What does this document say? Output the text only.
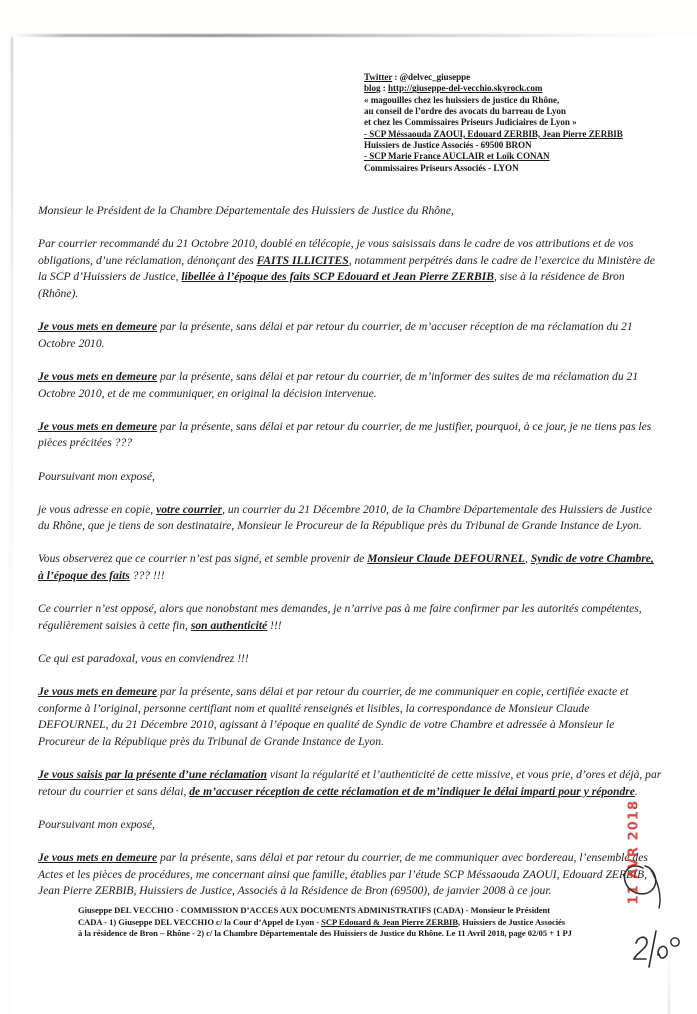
Twitter : @delvec_giuseppe
blog : http://giuseppe-del-vecchio.skyrock.com
« magouilles chez les huissiers de justice du Rhône,
au conseil de l’ordre des avocats du barreau de Lyon
et chez les Commissaires Priseurs Judiciaires de Lyon »
- SCP Méssaouda ZAOUI, Edouard ZERBIB, Jean Pierre ZERBIB
Huissiers de Justice Associés - 69500 BRON
- SCP Marie France AUCLAIR et Loïk CONAN
Commissaires Priseurs Associés - LYON

Monsieur le Président de la Chambre Départementale des Huissiers de Justice du Rhône,

Par courrier recommandé du 21 Octobre 2010, doublé en télécopie, je vous saisissais dans le cadre de vos attributions et de vos obligations, d’une réclamation, dénonçant des FAITS ILLICITES, notamment perpétrés dans le cadre de l’exercice du Ministère de la SCP d’Huissiers de Justice, libellée à l’époque des faits SCP Edouard et Jean Pierre ZERBIB, sise à la résidence de Bron (Rhône).

Je vous mets en demeure par la présente, sans délai et par retour du courrier, de m’accuser réception de ma réclamation du 21 Octobre 2010.

Je vous mets en demeure par la présente, sans délai et par retour du courrier, de m’informer des suites de ma réclamation du 21 Octobre 2010, et de me communiquer, en original la décision intervenue.

Je vous mets en demeure par la présente, sans délai et par retour du courrier, de me justifier, pourquoi, à ce jour, je ne tiens pas les pièces précitées ???

Poursuivant mon exposé,

je vous adresse en copie, votre courrier, un courrier du 21 Décembre 2010, de la Chambre Départementale des Huissiers de Justice du Rhône, que je tiens de son destinataire, Monsieur le Procureur de la République près du Tribunal de Grande Instance de Lyon.

Vous observerez que ce courrier n’est pas signé, et semble provenir de Monsieur Claude DEFOURNEL, Syndic de votre Chambre, à l’époque des faits ??? !!!

Ce courrier n’est opposé, alors que nonobstant mes demandes, je n’arrive pas à me faire confirmer par les autorités compétentes, régulièrement saisies à cette fin, son authenticité !!!

Ce qui est paradoxal, vous en conviendrez !!!

Je vous mets en demeure par la présente, sans délai et par retour du courrier, de me communiquer en copie, certifiée exacte et conforme à l’original, personne certifiant nom et qualité renseignés et lisibles, la correspondance de Monsieur Claude DEFOURNEL, du 21 Décembre 2010, agissant à l’époque en qualité de Syndic de votre Chambre et adressée à Monsieur le Procureur de la République près du Tribunal de Grande Instance de Lyon.

Je vous saisis par la présente d’une réclamation visant la régularité et l’authenticité de cette missive, et vous prie, d’ores et déjà, par retour du courrier et sans délai, de m’accuser réception de cette réclamation et de m’indiquer le délai imparti pour y répondre.

Poursuivant mon exposé,

Je vous mets en demeure par la présente, sans délai et par retour du courrier, de me communiquer avec bordereau, l’ensemble des Actes et les pièces de procédures, me concernant ainsi que famille, établies par l’étude SCP Méssaouda ZAOUI, Edouard ZERBIB, Jean Pierre ZERBIB, Huissiers de Justice, Associés à la Résidence de Bron (69500), de janvier 2008 à ce jour.

Giuseppe DEL VECCHIO - COMMISSION D’ACCES AUX DOCUMENTS ADMINISTRATIFS (CADA) - Monsieur le Président
CADA - 1) Giuseppe DEL VECCHIO c/ la Cour d’Appel de Lyon - SCP Edouard & Jean Pierre ZERBIB, Huissiers de Justice Associés
à la résidence de Bron – Rhône - 2) c/ la Chambre Départementale des Huissiers de Justice du Rhône. Le 11 Avril 2018, page 02/05 + 1 PJ
11 AVR 2018
